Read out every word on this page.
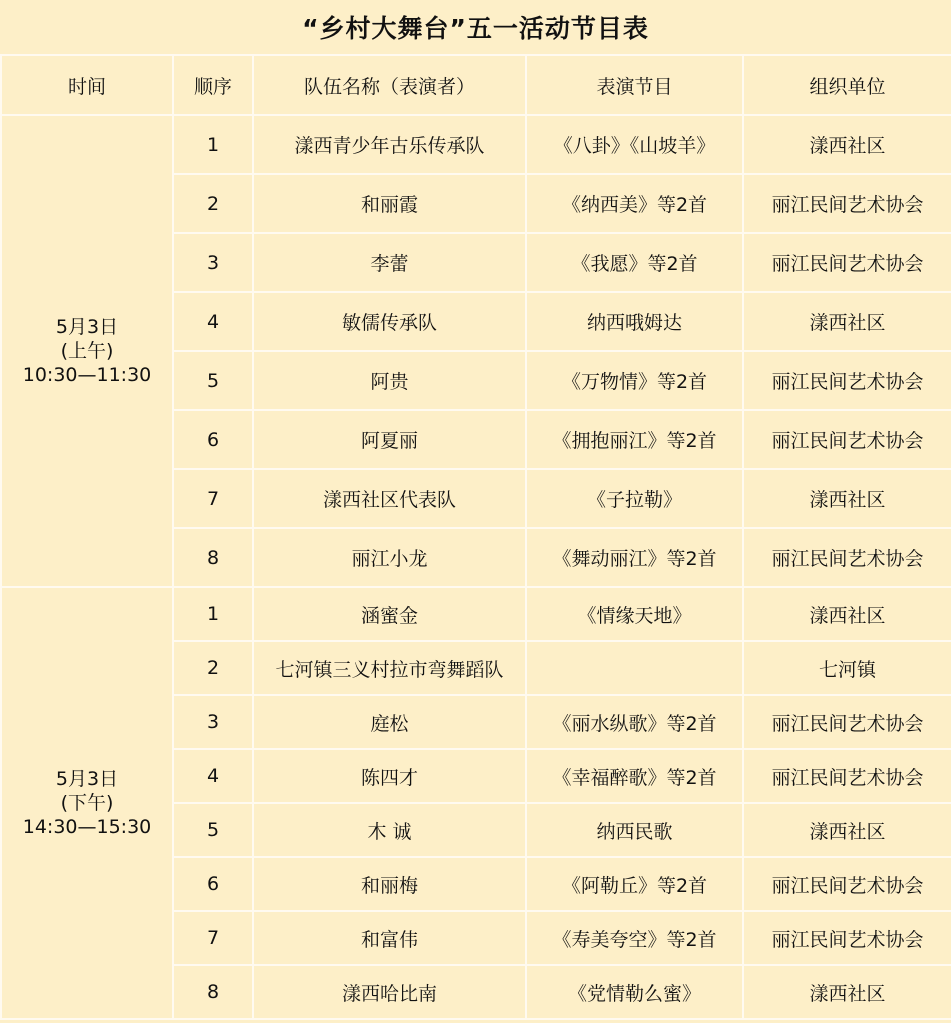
“乡村大舞台”五一活动节目表
时间	顺序	队伍名称（表演者）	表演节目	组织单位

5月3日
(上午)
10:30—11:30	1	漾西青少年古乐传承队	《八卦》《山坡羊》	漾西社区
	2	和丽霞	《纳西美》等2首	丽江民间艺术协会
	3	李蕾	《我愿》等2首	丽江民间艺术协会
	4	敏儒传承队	纳西哦姆达	漾西社区
	5	阿贵	《万物情》等2首	丽江民间艺术协会
	6	阿夏丽	《拥抱丽江》等2首	丽江民间艺术协会
	7	漾西社区代表队	《子拉勒》	漾西社区
	8	丽江小龙	《舞动丽江》等2首	丽江民间艺术协会

5月3日
(下午)
14:30—15:30	1	涵蜜金	《情缘天地》	漾西社区
	2	七河镇三义村拉市弯舞蹈队		七河镇
	3	庭松	《丽水纵歌》等2首	丽江民间艺术协会
	4	陈四才	《幸福醉歌》等2首	丽江民间艺术协会
	5	木 诚	纳西民歌	漾西社区
	6	和丽梅	《阿勒丘》等2首	丽江民间艺术协会
	7	和富伟	《寿美夸空》等2首	丽江民间艺术协会
	8	漾西哈比南	《党情勒么蜜》	漾西社区
